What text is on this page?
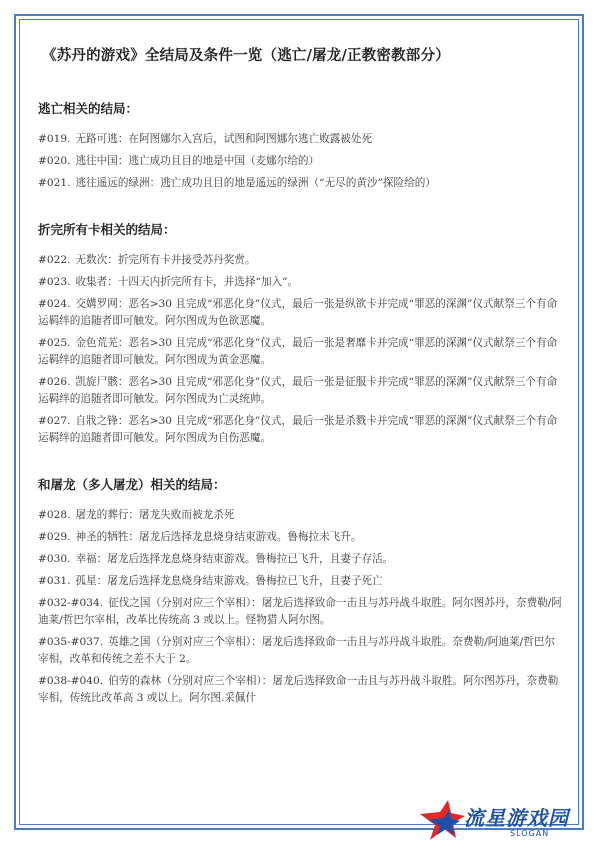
《苏丹的游戏》全结局及条件一览（逃亡/屠龙/正教密教部分）
逃亡相关的结局：
#019. 无路可逃：在阿图娜尔入宫后，试图和阿图娜尔逃亡败露被处死
#020. 逃往中国：逃亡成功且目的地是中国（麦娜尔给的）
#021. 逃往遥远的绿洲：逃亡成功且目的地是遥远的绿洲（“无尽的黄沙”探险给的）
折完所有卡相关的结局：
#022. 无数次：折完所有卡并接受苏丹奖赏。
#023. 收集者：十四天内折完所有卡，并选择“加入”。
#024. 交媾罗网：恶名>30 且完成“邪恶化身”仪式，最后一张是纵欲卡并完成“罪恶的深渊”仪式献祭三个有命运羁绊的追随者即可触发。阿尔图成为色欲恶魔。
#025. 金色荒芜：恶名>30 且完成“邪恶化身”仪式，最后一张是奢靡卡并完成“罪恶的深渊”仪式献祭三个有命运羁绊的追随者即可触发。阿尔图成为黄金恶魔。
#026. 凯旋尸骸：恶名>30 且完成“邪恶化身”仪式，最后一张是征服卡并完成“罪恶的深渊”仪式献祭三个有命运羁绊的追随者即可触发。阿尔图成为亡灵统帅。
#027. 自戕之锋：恶名>30 且完成“邪恶化身”仪式，最后一张是杀戮卡并完成“罪恶的深渊”仪式献祭三个有命运羁绊的追随者即可触发。阿尔图成为自伤恶魔。
和屠龙（多人屠龙）相关的结局：
#028. 屠龙的葬行：屠龙失败而被龙杀死
#029. 神圣的牺牲：屠龙后选择龙息烧身结束游戏。鲁梅拉未飞升。
#030. 幸福：屠龙后选择龙息烧身结束游戏。鲁梅拉已飞升，且妻子存活。
#031. 孤星：屠龙后选择龙息烧身结束游戏。鲁梅拉已飞升，且妻子死亡
#032-#034. 征伐之国（分别对应三个宰相）：屠龙后选择致命一击且与苏丹战斗取胜。阿尔图苏丹，奈费勒/阿迪莱/哲巴尔宰相，改革比传统高 3 或以上。怪物猎人阿尔图。
#035-#037. 英雄之国（分别对应三个宰相）：屠龙后选择致命一击且与苏丹战斗取胜。奈费勒/阿迪莱/哲巴尔宰相，改革和传统之差不大于 2。
#038-#040. 伯劳的森林（分别对应三个宰相）：屠龙后选择致命一击且与苏丹战斗取胜。阿尔图苏丹，奈费勒宰相，传统比改革高 3 或以上。阿尔图.采佩什
流星游戏园
SLOGAN
